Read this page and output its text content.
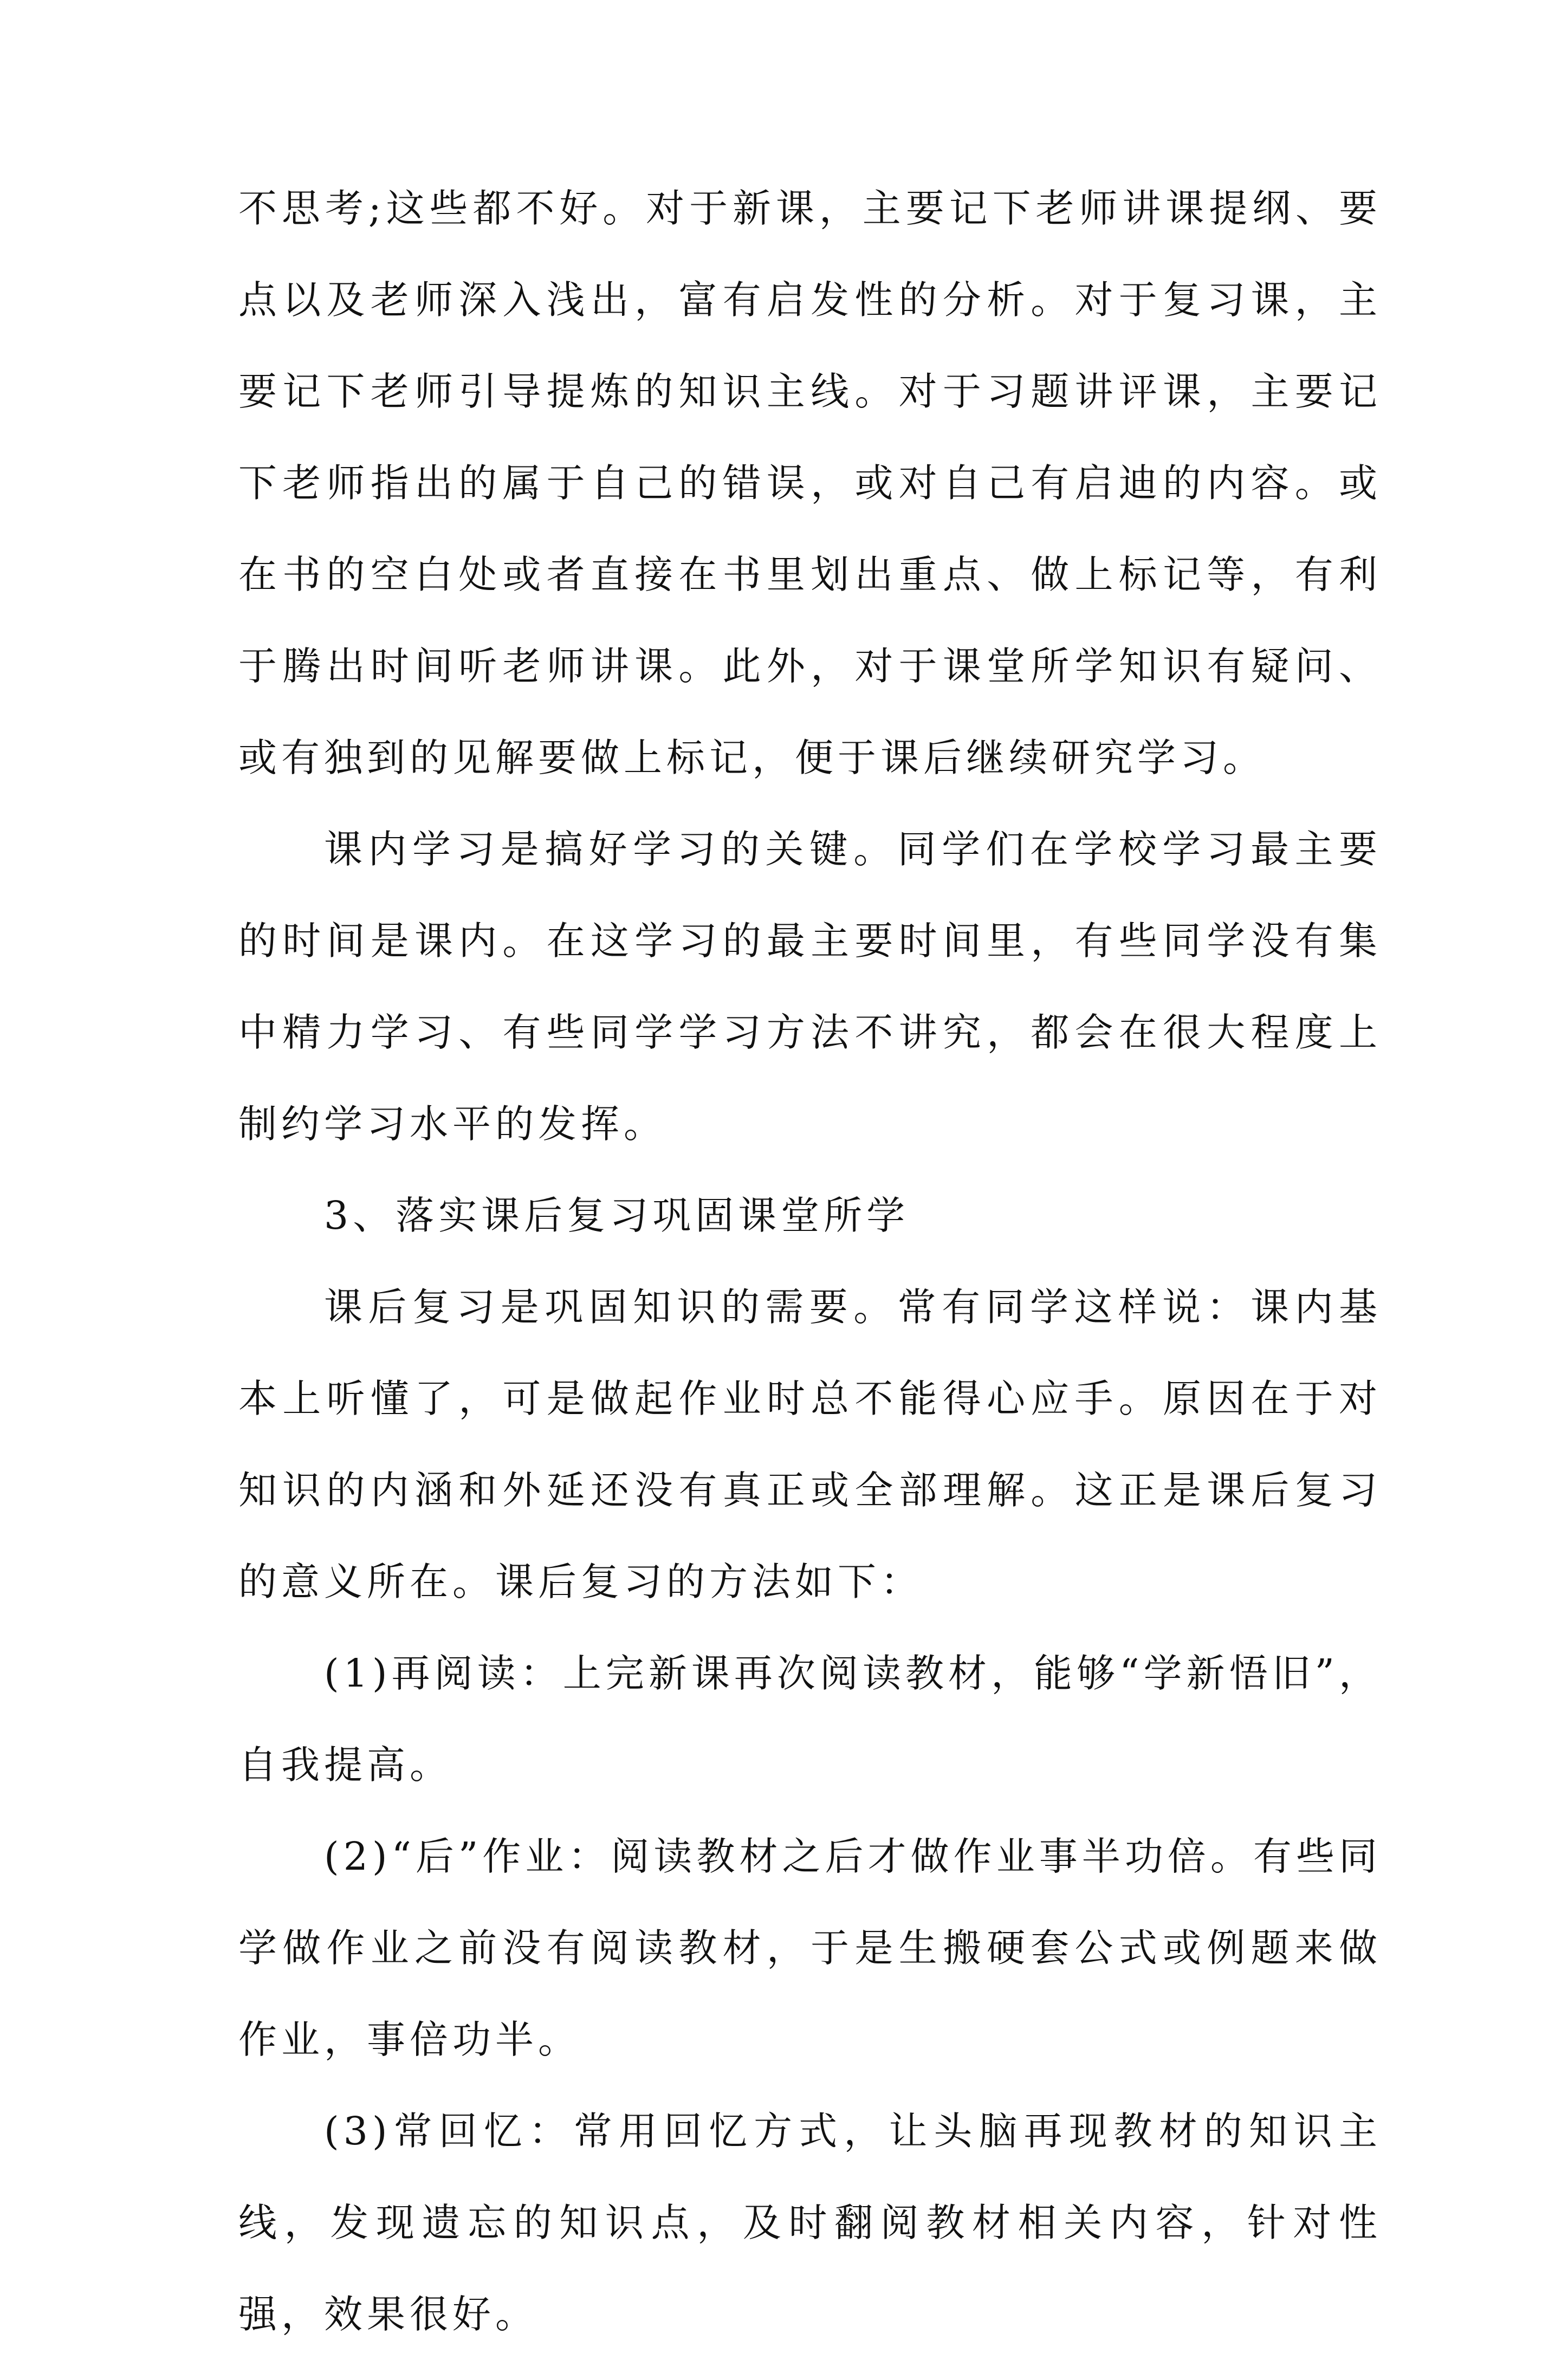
不思考;这些都不好。对于新课，主要记下老师讲课提纲、要点以及老师深入浅出，富有启发性的分析。对于复习课，主要记下老师引导提炼的知识主线。对于习题讲评课，主要记下老师指出的属于自己的错误，或对自己有启迪的内容。或在书的空白处或者直接在书里划出重点、做上标记等，有利于腾出时间听老师讲课。此外，对于课堂所学知识有疑问、或有独到的见解要做上标记，便于课后继续研究学习。

课内学习是搞好学习的关键。同学们在学校学习最主要的时间是课内。在这学习的最主要时间里，有些同学没有集中精力学习、有些同学学习方法不讲究，都会在很大程度上制约学习水平的发挥。

3、落实课后复习巩固课堂所学

课后复习是巩固知识的需要。常有同学这样说：课内基本上听懂了，可是做起作业时总不能得心应手。原因在于对知识的内涵和外延还没有真正或全部理解。这正是课后复习的意义所在。课后复习的方法如下：

(1)再阅读：上完新课再次阅读教材，能够“学新悟旧”，自我提高。

(2)“后”作业：阅读教材之后才做作业事半功倍。有些同学做作业之前没有阅读教材，于是生搬硬套公式或例题来做作业，事倍功半。

(3)常回忆：常用回忆方式，让头脑再现教材的知识主线，发现遗忘的知识点，及时翻阅教材相关内容，针对性强，效果很好。
